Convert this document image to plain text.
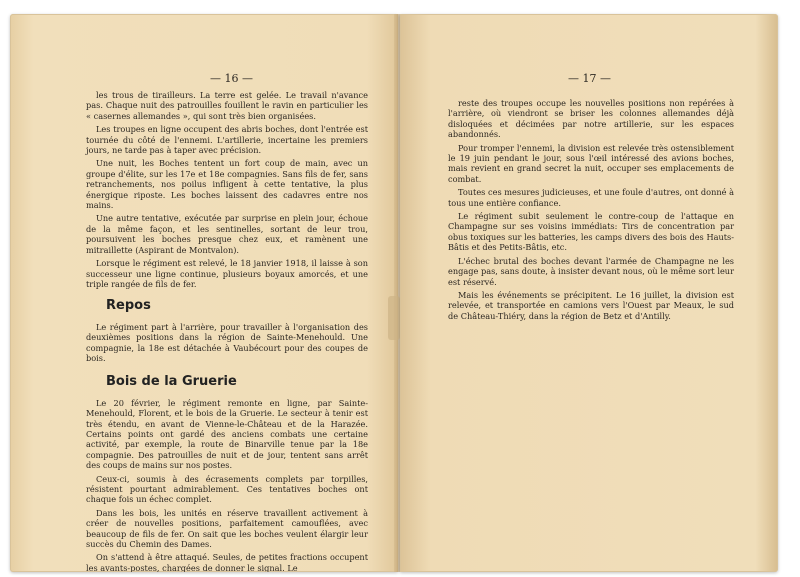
— 16 —

les trous de tirailleurs. La terre est gelée. Le travail n'avance pas. Chaque nuit des patrouilles fouillent le ravin en particulier les « casernes allemandes », qui sont très bien organisées.

Les troupes en ligne occupent des abris boches, dont l'entrée est tournée du côté de l'ennemi. L'artillerie, incertaine les premiers jours, ne tarde pas à taper avec précision.

Une nuit, les Boches tentent un fort coup de main, avec un groupe d'élite, sur les 17e et 18e compagnies. Sans fils de fer, sans retranchements, nos poilus infligent à cette tentative, la plus énergique riposte. Les boches laissent des cadavres entre nos mains.

Une autre tentative, exécutée par surprise en plein jour, échoue de la même façon, et les sentinelles, sortant de leur trou, poursuivent les boches presque chez eux, et ramènent une mitraillette (Aspirant de Montvalon).

Lorsque le régiment est relevé, le 18 janvier 1918, il laisse à son successeur une ligne continue, plusieurs boyaux amorcés, et une triple rangée de fils de fer.

Repos

Le régiment part à l'arrière, pour travailler à l'organisation des deuxièmes positions dans la région de Sainte-Menehould. Une compagnie, la 18e est détachée à Vaubécourt pour des coupes de bois.

Bois de la Gruerie

Le 20 février, le régiment remonte en ligne, par Sainte-Menehould, Florent, et le bois de la Gruerie. Le secteur à tenir est très étendu, en avant de Vienne-le-Château et de la Harazée. Certains points ont gardé des anciens combats une certaine activité, par exemple, la route de Binarville tenue par la 18e compagnie. Des patrouilles de nuit et de jour, tentent sans arrêt des coups de mains sur nos postes.

Ceux-ci, soumis à des écrasements complets par torpilles, résistent pourtant admirablement. Ces tentatives boches ont chaque fois un échec complet.

Dans les bois, les unités en réserve travaillent activement à créer de nouvelles positions, parfaitement camouflées, avec beaucoup de fils de fer. On sait que les boches veulent élargir leur succès du Chemin des Dames.

On s'attend à être attaqué. Seules, de petites fractions occupent les avants-postes, chargées de donner le signal. Le

— 17 —

reste des troupes occupe les nouvelles positions non repérées à l'arrière, où viendront se briser les colonnes allemandes déjà disloquées et décimées par notre artillerie, sur les espaces abandonnés.

Pour tromper l'ennemi, la division est relevée très ostensiblement le 19 juin pendant le jour, sous l'œil intéressé des avions boches, mais revient en grand secret la nuit, occuper ses emplacements de combat.

Toutes ces mesures judicieuses, et une foule d'autres, ont donné à tous une entière confiance.

Le régiment subit seulement le contre-coup de l'attaque en Champagne sur ses voisins immédiats: Tirs de concentration par obus toxiques sur les batteries, les camps divers des bois des Hauts-Bâtis et des Petits-Bâtis, etc.

L'échec brutal des boches devant l'armée de Champagne ne les engage pas, sans doute, à insister devant nous, où le même sort leur est réservé.

Mais les événements se précipitent. Le 16 juillet, la division est relevée, et transportée en camions vers l'Ouest par Meaux, le sud de Château-Thiéry, dans la région de Betz et d'Antilly.
